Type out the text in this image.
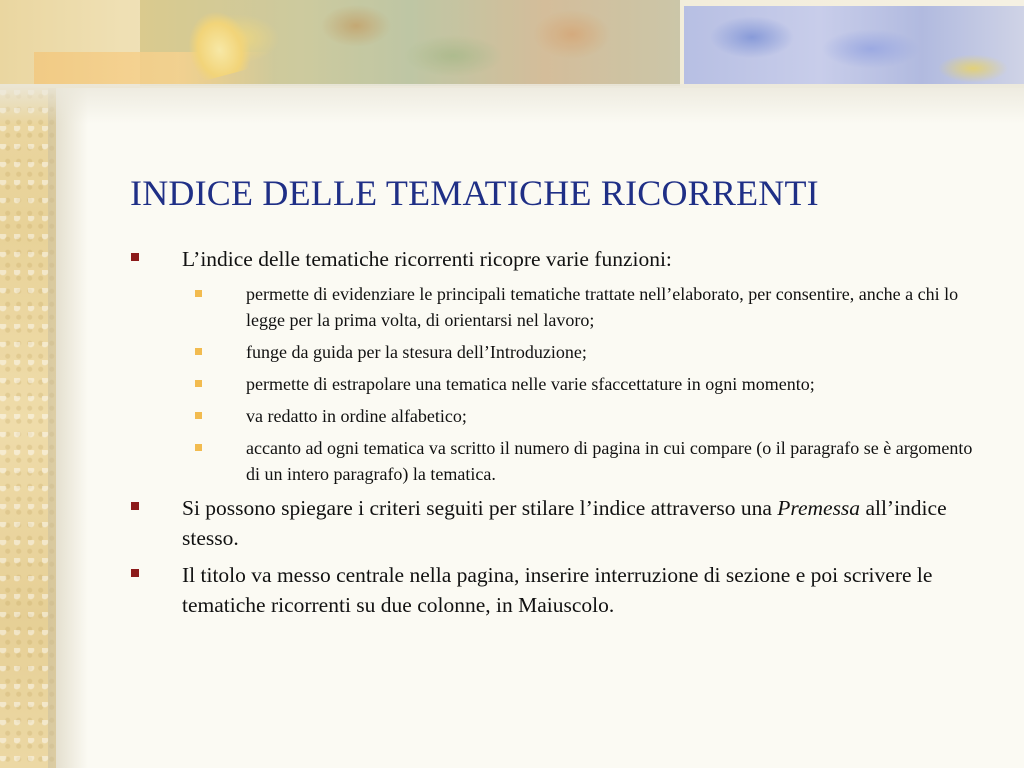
INDICE DELLE TEMATICHE RICORRENTI
L’indice delle tematiche ricorrenti ricopre varie funzioni:
permette di evidenziare le principali tematiche trattate nell’elaborato, per consentire, anche a chi lo legge per la prima volta, di orientarsi nel lavoro;
funge da guida per la stesura dell’Introduzione;
permette di estrapolare una tematica nelle varie sfaccettature in ogni momento;
va redatto in ordine alfabetico;
accanto ad ogni tematica va scritto il numero di pagina in cui compare (o il paragrafo se è argomento di un intero paragrafo) la tematica.
Si possono spiegare i criteri seguiti per stilare l’indice attraverso una Premessa all’indice stesso.
Il titolo va messo centrale nella pagina, inserire interruzione di sezione e poi scrivere le tematiche ricorrenti su due colonne, in Maiuscolo.
